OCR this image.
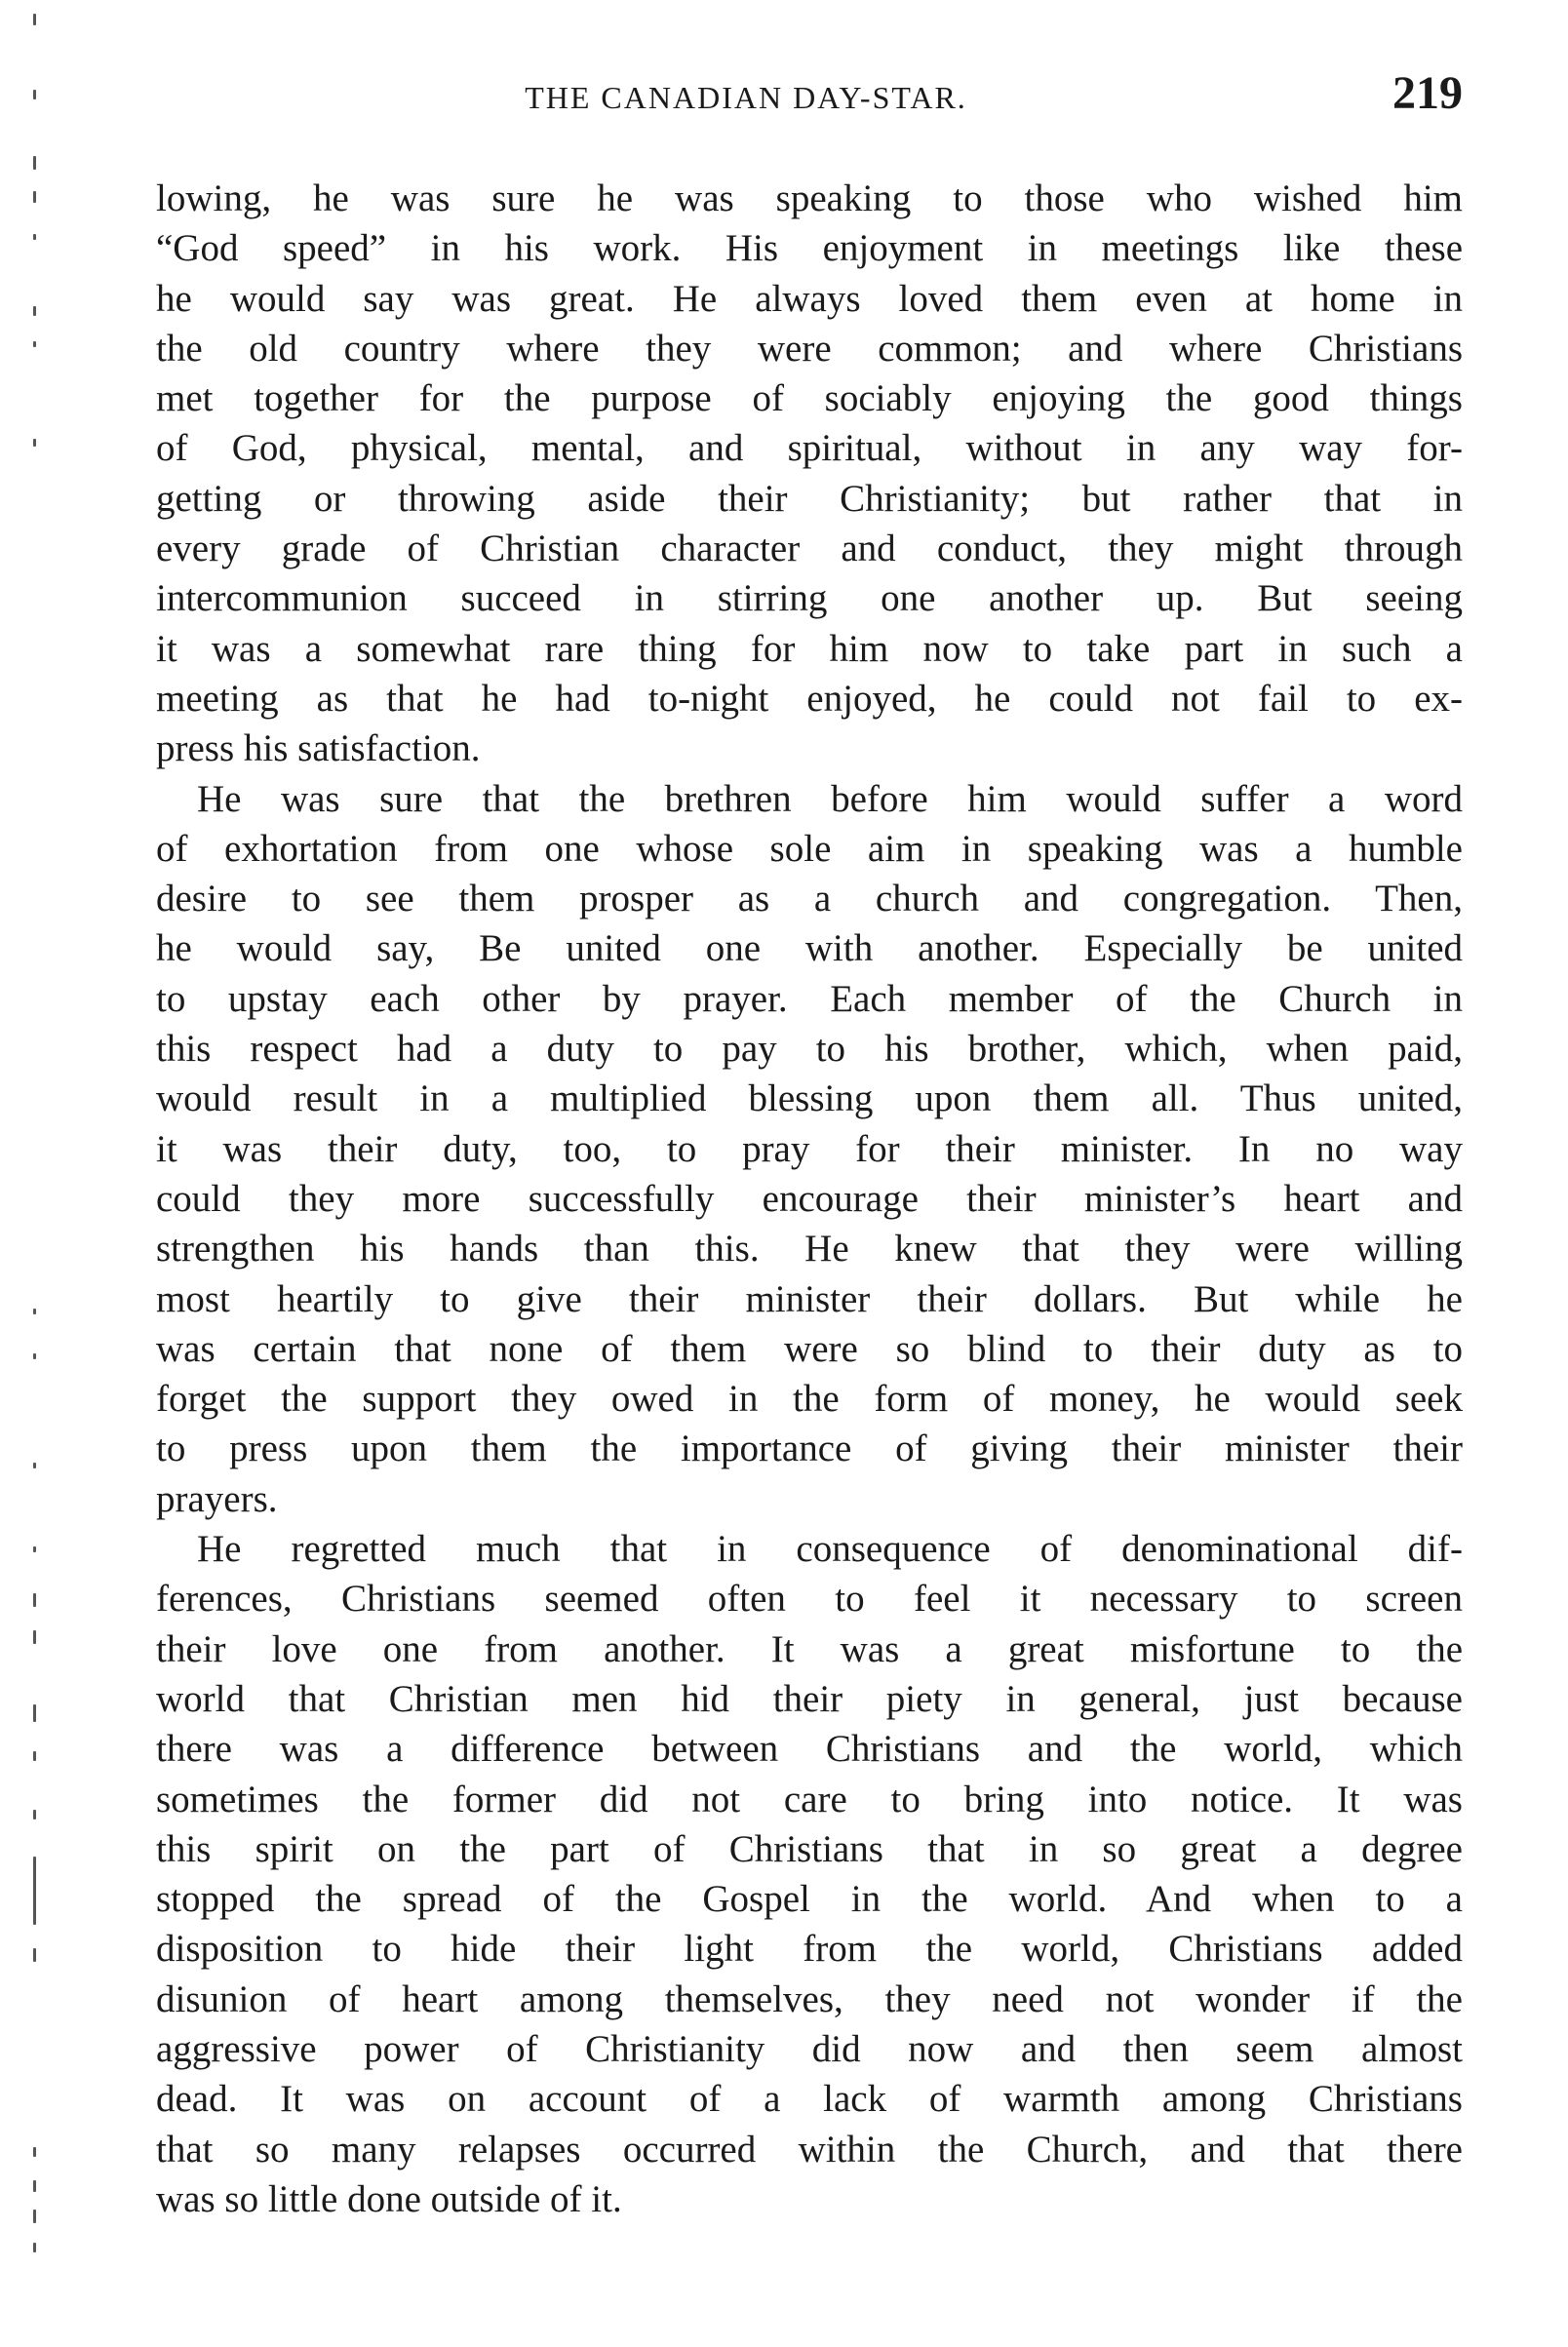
THE CANADIAN DAY-STAR.	219
lowing, he was sure he was speaking to those who wished him
“God speed” in his work. His enjoyment in meetings like these
he would say was great. He always loved them even at home in
the old country where they were common; and where Christians
met together for the purpose of sociably enjoying the good things
of God, physical, mental, and spiritual, without in any way for-
getting or throwing aside their Christianity; but rather that in
every grade of Christian character and conduct, they might through
intercommunion succeed in stirring one another up. But seeing
it was a somewhat rare thing for him now to take part in such a
meeting as that he had to-night enjoyed, he could not fail to ex-
press his satisfaction.
He was sure that the brethren before him would suffer a word
of exhortation from one whose sole aim in speaking was a humble
desire to see them prosper as a church and congregation. Then,
he would say, Be united one with another. Especially be united
to upstay each other by prayer. Each member of the Church in
this respect had a duty to pay to his brother, which, when paid,
would result in a multiplied blessing upon them all. Thus united,
it was their duty, too, to pray for their minister. In no way
could they more successfully encourage their minister’s heart and
strengthen his hands than this. He knew that they were willing
most heartily to give their minister their dollars. But while he
was certain that none of them were so blind to their duty as to
forget the support they owed in the form of money, he would seek
to press upon them the importance of giving their minister their
prayers.
He regretted much that in consequence of denominational dif-
ferences, Christians seemed often to feel it necessary to screen
their love one from another. It was a great misfortune to the
world that Christian men hid their piety in general, just because
there was a difference between Christians and the world, which
sometimes the former did not care to bring into notice. It was
this spirit on the part of Christians that in so great a degree
stopped the spread of the Gospel in the world. And when to a
disposition to hide their light from the world, Christians added
disunion of heart among themselves, they need not wonder if the
aggressive power of Christianity did now and then seem almost
dead. It was on account of a lack of warmth among Christians
that so many relapses occurred within the Church, and that there
was so little done outside of it.
